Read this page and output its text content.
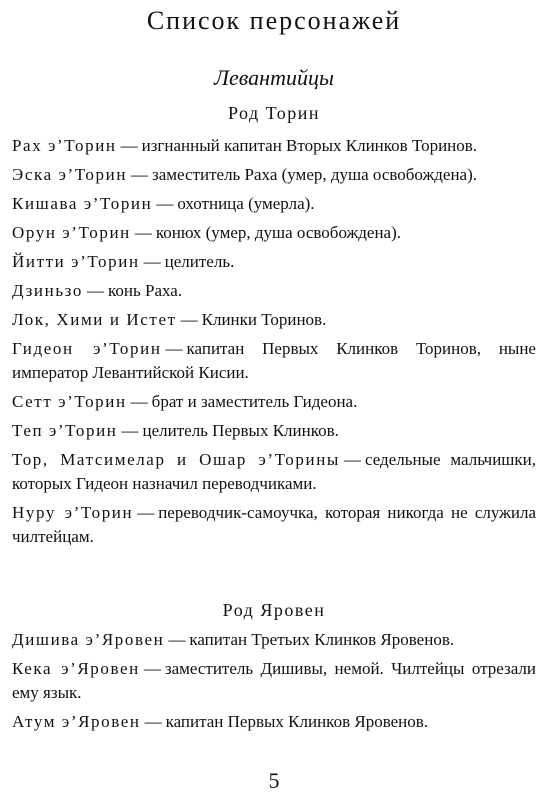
Список персонажей
Левантийцы
Род Торин
Рах э’Торин — изгнанный капитан Вторых Клинков Торинов.
Эска э’Торин — заместитель Раха (умер, душа освобождена).
Кишава э’Торин — охотница (умерла).
Орун э’Торин — конюх (умер, душа освобождена).
Йитти э’Торин — целитель.
Дзиньзо — конь Раха.
Лок, Хими и Истет — Клинки Торинов.
Гидеон э’Торин — капитан Первых Клинков Торинов, ныне император Левантийской Кисии.
Сетт э’Торин — брат и заместитель Гидеона.
Теп э’Торин — целитель Первых Клинков.
Тор, Матсимелар и Ошар э’Торины — седельные мальчишки, которых Гидеон назначил переводчиками.
Нуру э’Торин — переводчик-самоучка, которая никогда не служила чилтейцам.
Род Яровен
Дишива э’Яровен — капитан Третьих Клинков Яровенов.
Кека э’Яровен — заместитель Дишивы, немой. Чилтейцы отрезали ему язык.
Атум э’Яровен — капитан Первых Клинков Яровенов.
5
